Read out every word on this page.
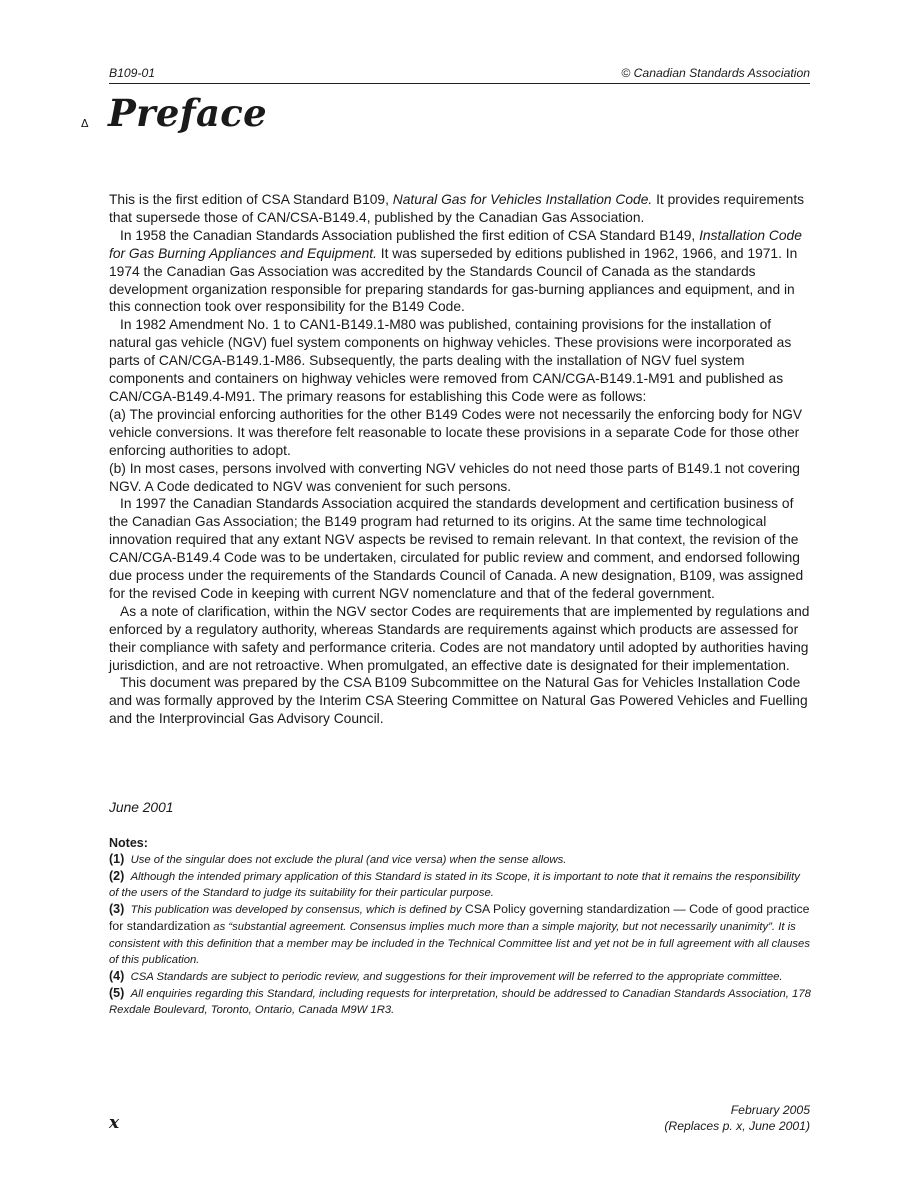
B109-01	© Canadian Standards Association
Δ Preface

This is the first edition of CSA Standard B109, Natural Gas for Vehicles Installation Code. It provides requirements that supersede those of CAN/CSA-B149.4, published by the Canadian Gas Association.

In 1958 the Canadian Standards Association published the first edition of CSA Standard B149, Installation Code for Gas Burning Appliances and Equipment. It was superseded by editions published in 1962, 1966, and 1971. In 1974 the Canadian Gas Association was accredited by the Standards Council of Canada as the standards development organization responsible for preparing standards for gas-burning appliances and equipment, and in this connection took over responsibility for the B149 Code.

In 1982 Amendment No. 1 to CAN1-B149.1-M80 was published, containing provisions for the installation of natural gas vehicle (NGV) fuel system components on highway vehicles. These provisions were incorporated as parts of CAN/CGA-B149.1-M86. Subsequently, the parts dealing with the installation of NGV fuel system components and containers on highway vehicles were removed from CAN/CGA-B149.1-M91 and published as CAN/CGA-B149.4-M91. The primary reasons for establishing this Code were as follows:

(a) The provincial enforcing authorities for the other B149 Codes were not necessarily the enforcing body for NGV vehicle conversions. It was therefore felt reasonable to locate these provisions in a separate Code for those other enforcing authorities to adopt.

(b) In most cases, persons involved with converting NGV vehicles do not need those parts of B149.1 not covering NGV. A Code dedicated to NGV was convenient for such persons.

In 1997 the Canadian Standards Association acquired the standards development and certification business of the Canadian Gas Association; the B149 program had returned to its origins. At the same time technological innovation required that any extant NGV aspects be revised to remain relevant. In that context, the revision of the CAN/CGA-B149.4 Code was to be undertaken, circulated for public review and comment, and endorsed following due process under the requirements of the Standards Council of Canada. A new designation, B109, was assigned for the revised Code in keeping with current NGV nomenclature and that of the federal government.

As a note of clarification, within the NGV sector Codes are requirements that are implemented by regulations and enforced by a regulatory authority, whereas Standards are requirements against which products are assessed for their compliance with safety and performance criteria. Codes are not mandatory until adopted by authorities having jurisdiction, and are not retroactive. When promulgated, an effective date is designated for their implementation.

This document was prepared by the CSA B109 Subcommittee on the Natural Gas for Vehicles Installation Code and was formally approved by the Interim CSA Steering Committee on Natural Gas Powered Vehicles and Fuelling and the Interprovincial Gas Advisory Council.

June 2001

Notes:

(1) Use of the singular does not exclude the plural (and vice versa) when the sense allows.

(2) Although the intended primary application of this Standard is stated in its Scope, it is important to note that it remains the responsibility of the users of the Standard to judge its suitability for their particular purpose.

(3) This publication was developed by consensus, which is defined by CSA Policy governing standardization — Code of good practice for standardization as “substantial agreement. Consensus implies much more than a simple majority, but not necessarily unanimity”. It is consistent with this definition that a member may be included in the Technical Committee list and yet not be in full agreement with all clauses of this publication.

(4) CSA Standards are subject to periodic review, and suggestions for their improvement will be referred to the appropriate committee.

(5) All enquiries regarding this Standard, including requests for interpretation, should be addressed to Canadian Standards Association, 178 Rexdale Boulevard, Toronto, Ontario, Canada M9W 1R3.

February 2005
(Replaces p. x, June 2001)
x
